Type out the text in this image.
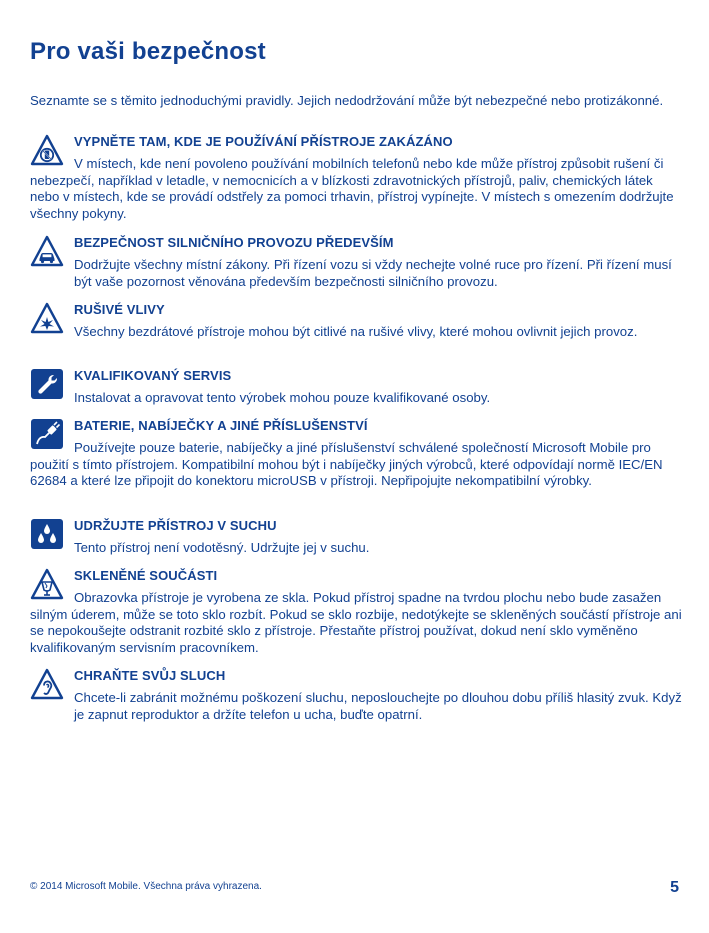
Pro vaši bezpečnost
Seznamte se s těmito jednoduchými pravidly. Jejich nedodržování může být nebezpečné nebo protizákonné.
VYPNĚTE TAM, KDE JE POUŽÍVÁNÍ PŘÍSTROJE ZAKÁZÁNO
V místech, kde není povoleno používání mobilních telefonů nebo kde může přístroj způsobit rušení či nebezpečí, například v letadle, v nemocnicích a v blízkosti zdravotnických přístrojů, paliv, chemických látek nebo v místech, kde se provádí odstřely za pomoci trhavin, přístroj vypínejte. V místech s omezením dodržujte všechny pokyny.
BEZPEČNOST SILNIČNÍHO PROVOZU PŘEDEVŠÍM
Dodržujte všechny místní zákony. Při řízení vozu si vždy nechejte volné ruce pro řízení. Při řízení musí být vaše pozornost věnována především bezpečnosti silničního provozu.
RUŠIVÉ VLIVY
Všechny bezdrátové přístroje mohou být citlivé na rušivé vlivy, které mohou ovlivnit jejich provoz.
KVALIFIKOVANÝ SERVIS
Instalovat a opravovat tento výrobek mohou pouze kvalifikované osoby.
BATERIE, NABÍJEČKY A JINÉ PŘÍSLUŠENSTVÍ
Používejte pouze baterie, nabíječky a jiné příslušenství schválené společností Microsoft Mobile pro použití s tímto přístrojem. Kompatibilní mohou být i nabíječky jiných výrobců, které odpovídají normě IEC/EN 62684 a které lze připojit do konektoru microUSB v přístroji. Nepřipojujte nekompatibilní výrobky.
UDRŽUJTE PŘÍSTROJ V SUCHU
Tento přístroj není vodotěsný. Udržujte jej v suchu.
SKLENĚNÉ SOUČÁSTI
Obrazovka přístroje je vyrobena ze skla. Pokud přístroj spadne na tvrdou plochu nebo bude zasažen silným úderem, může se toto sklo rozbít. Pokud se sklo rozbije, nedotýkejte se skleněných součástí přístroje ani se nepokoušejte odstranit rozbité sklo z přístroje. Přestaňte přístroj používat, dokud není sklo vyměněno kvalifikovaným servisním pracovníkem.
CHRAŇTE SVŮJ SLUCH
Chcete-li zabránit možnému poškození sluchu, neposlouchejte po dlouhou dobu příliš hlasitý zvuk. Když je zapnut reproduktor a držíte telefon u ucha, buďte opatrní.
© 2014 Microsoft Mobile. Všechna práva vyhrazena.	5
